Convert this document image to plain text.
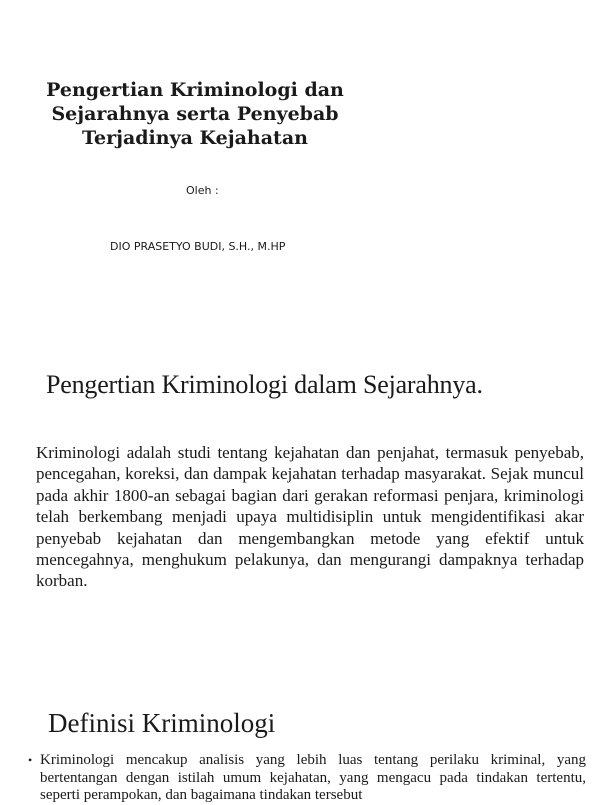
Pengertian Kriminologi dan
Sejarahnya serta Penyebab
Terjadinya Kejahatan

Oleh :

DIO PRASETYO BUDI, S.H., M.HP

Pengertian Kriminologi dalam Sejarahnya.

Kriminologi adalah studi tentang kejahatan dan penjahat, termasuk penyebab, pencegahan, koreksi, dan dampak kejahatan terhadap masyarakat. Sejak muncul pada akhir 1800-an sebagai bagian dari gerakan reformasi penjara, kriminologi telah berkembang menjadi upaya multidisiplin untuk mengidentifikasi akar penyebab kejahatan dan mengembangkan metode yang efektif untuk mencegahnya, menghukum pelakunya, dan mengurangi dampaknya terhadap korban.

Definisi Kriminologi
• Kriminologi mencakup analisis yang lebih luas tentang perilaku kriminal, yang bertentangan dengan istilah umum kejahatan, yang mengacu pada tindakan tertentu, seperti perampokan, dan bagaimana tindakan tersebut
